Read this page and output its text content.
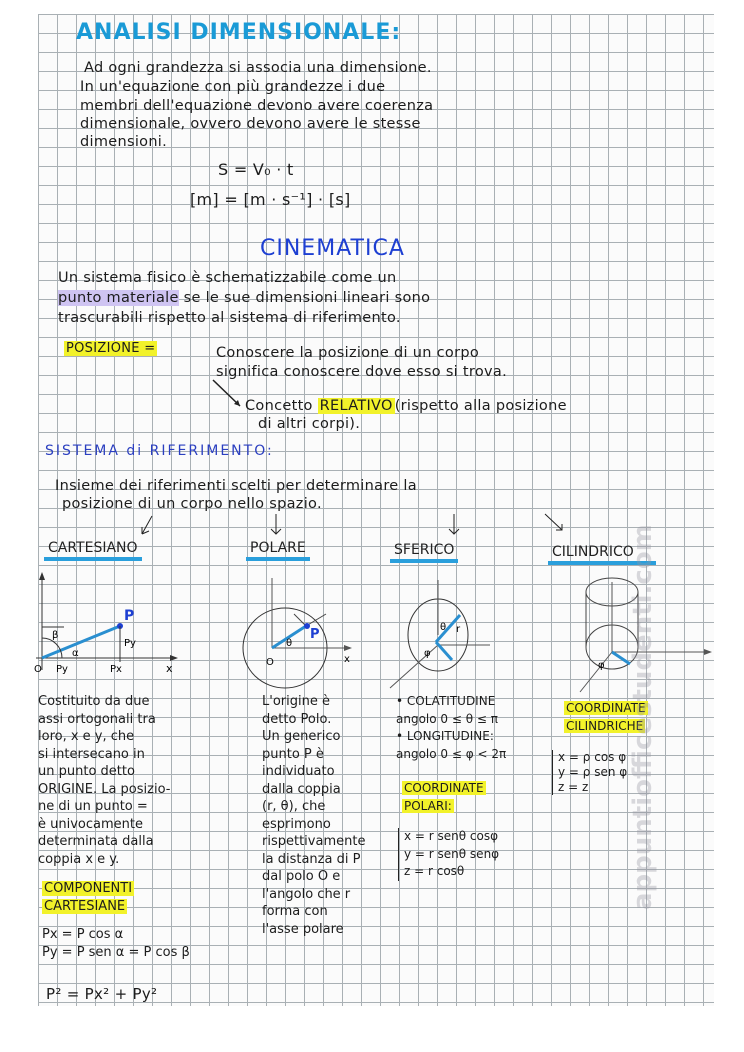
ANALISI DIMENSIONALE:
Ad ogni grandezza si associa una dimensione.
In un'equazione con più grandezze i due
membri dell'equazione devono avere coerenza
dimensionale, ovvero devono avere le stesse
dimensioni.
S = V₀ · t
[m] = [m · s⁻¹] · [s]
CINEMATICA
Un sistema fisico è schematizzabile come un
punto materiale se le sue dimensioni lineari sono
trascurabili rispetto al sistema di riferimento.
POSIZIONE =	Conoscere la posizione di un corpo
significa conoscere dove esso si trova.
Concetto RELATIVO (rispetto alla posizione
di altri corpi).
SISTEMA di RIFERIMENTO:
Insieme dei riferimenti scelti per determinare la
posizione di un corpo nello spazio.
CARTESIANO	POLARE	SFERICO	CILINDRICO
P
β
α
Py
Py	Px
O	x
P
θ
O	x
θ r
φ
φ
Costituito da due
assi ortogonali tra
loro, x e y, che
si intersecano in
un punto detto
ORIGINE. La posizio-
ne di un punto =
è univocamente
determinata dalla
coppia x e y.
COMPONENTI
CARTESIANE
Px = P cos α
Py = P sen α = P cos β
P² = Px² + Py²
L'origine è
detto Polo.
Un generico
punto P è
individuato
dalla coppia
(r, θ), che
esprimono
rispettivamente
la distanza di P
dal polo O e
l'angolo che r
forma con
l'asse polare
• COLATITUDINE
angolo 0 ≤ θ ≤ π
• LONGITUDINE:
angolo 0 ≤ φ < 2π
COORDINATE
POLARI:
x = r senθ cosφ
y = r senθ senφ
z = r cosθ
COORDINATE
CILINDRICHE
x = ρ cos φ
y = ρ sen φ
z = z	appuntiofficestudenti.com
